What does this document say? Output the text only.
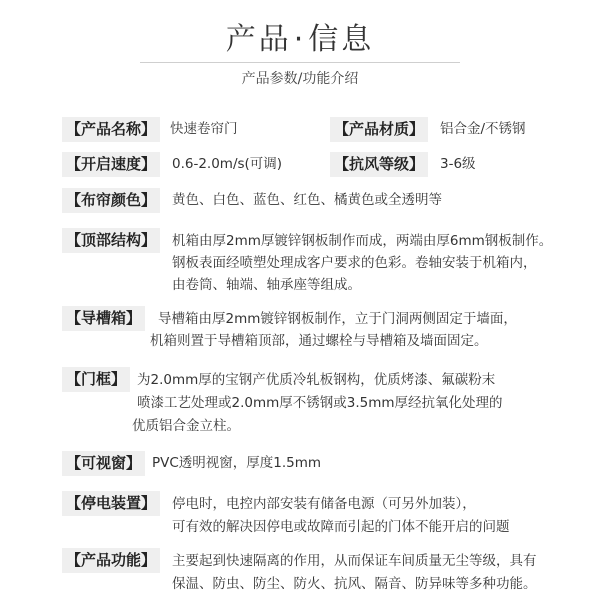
产品·信息
产品参数/功能介绍
【产品名称】 快速卷帘门	【产品材质】 铝合金/不锈钢
【开启速度】 0.6-2.0m/s(可调)	【抗风等级】 3-6级
【布帘颜色】 黄色、白色、蓝色、红色、橘黄色或全透明等
【顶部结构】 机箱由厚2mm厚镀锌钢板制作而成，两端由厚6mm钢板制作。
钢板表面经喷塑处理成客户要求的色彩。卷轴安装于机箱内，
由卷筒、轴端、轴承座等组成。
【导槽箱】 导槽箱由厚2mm镀锌钢板制作，立于门洞两侧固定于墙面，
机箱则置于导槽箱顶部，通过螺栓与导槽箱及墙面固定。
【门框】 为2.0mm厚的宝钢产优质冷轧板钢构，优质烤漆、氟碳粉末
喷漆工艺处理或2.0mm厚不锈钢或3.5mm厚经抗氧化处理的
优质铝合金立柱。
【可视窗】 PVC透明视窗，厚度1.5mm
【停电装置】 停电时，电控内部安装有储备电源（可另外加装），
可有效的解决因停电或故障而引起的门体不能开启的问题
【产品功能】 主要起到快速隔离的作用，从而保证车间质量无尘等级，具有
保温、防虫、防尘、防火、抗风、隔音、防异味等多种功能。
